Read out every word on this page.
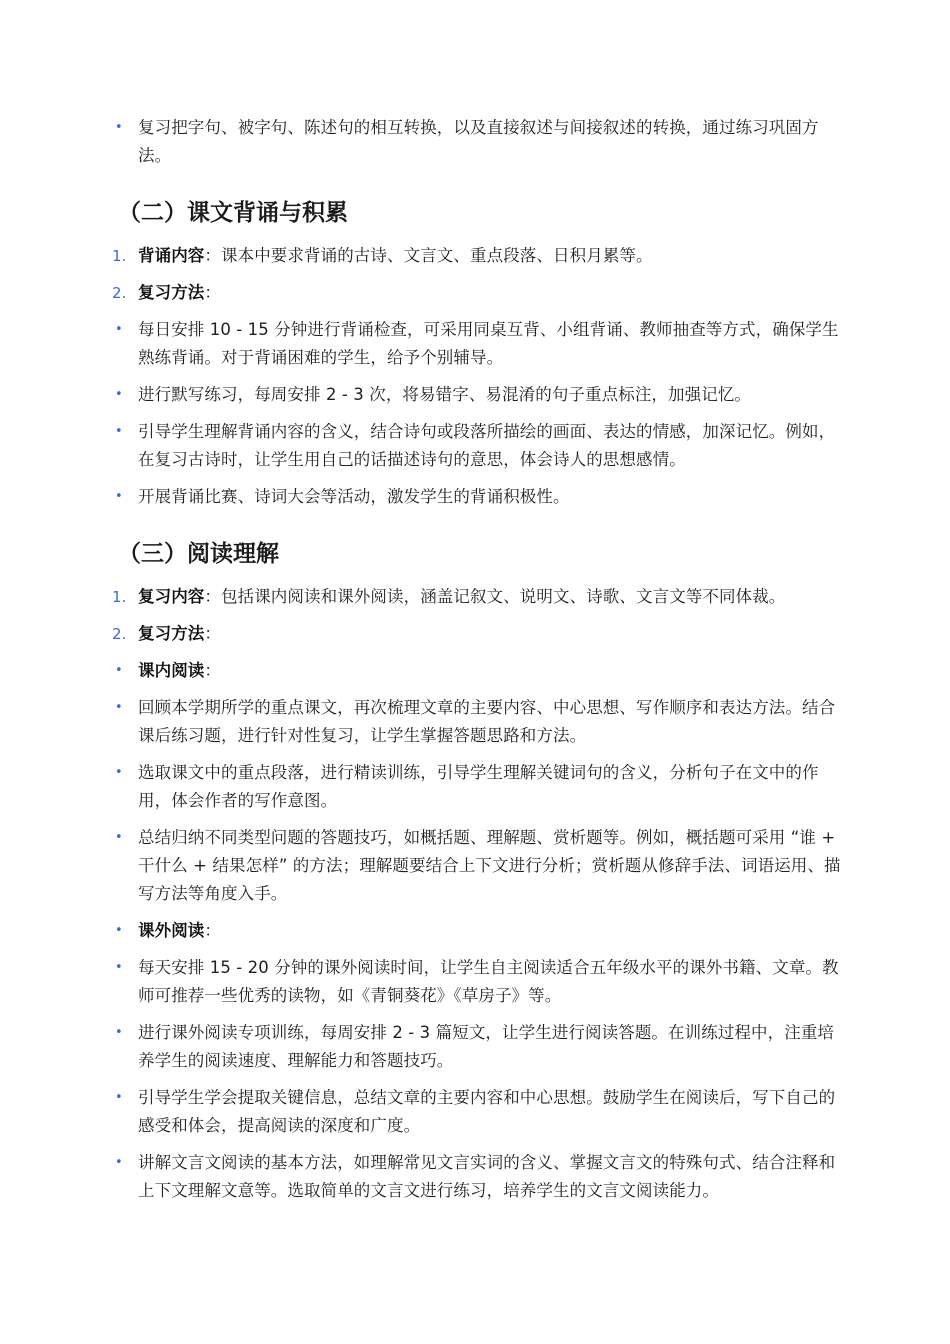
• 复习把字句、被字句、陈述句的相互转换，以及直接叙述与间接叙述的转换，通过练习巩固方法。
（二）课文背诵与积累
1. 背诵内容：课本中要求背诵的古诗、文言文、重点段落、日积月累等。
2. 复习方法：
• 每日安排 10 - 15 分钟进行背诵检查，可采用同桌互背、小组背诵、教师抽查等方式，确保学生熟练背诵。对于背诵困难的学生，给予个别辅导。
• 进行默写练习，每周安排 2 - 3 次，将易错字、易混淆的句子重点标注，加强记忆。
• 引导学生理解背诵内容的含义，结合诗句或段落所描绘的画面、表达的情感，加深记忆。例如，在复习古诗时，让学生用自己的话描述诗句的意思，体会诗人的思想感情。
• 开展背诵比赛、诗词大会等活动，激发学生的背诵积极性。
（三）阅读理解
1. 复习内容：包括课内阅读和课外阅读，涵盖记叙文、说明文、诗歌、文言文等不同体裁。
2. 复习方法：
• 课内阅读：
• 回顾本学期所学的重点课文，再次梳理文章的主要内容、中心思想、写作顺序和表达方法。结合课后练习题，进行针对性复习，让学生掌握答题思路和方法。
• 选取课文中的重点段落，进行精读训练，引导学生理解关键词句的含义，分析句子在文中的作用，体会作者的写作意图。
• 总结归纳不同类型问题的答题技巧，如概括题、理解题、赏析题等。例如，概括题可采用 “谁 + 干什么 + 结果怎样” 的方法；理解题要结合上下文进行分析；赏析题从修辞手法、词语运用、描写方法等角度入手。
• 课外阅读：
• 每天安排 15 - 20 分钟的课外阅读时间，让学生自主阅读适合五年级水平的课外书籍、文章。教师可推荐一些优秀的读物，如《青铜葵花》《草房子》等。
• 进行课外阅读专项训练，每周安排 2 - 3 篇短文，让学生进行阅读答题。在训练过程中，注重培养学生的阅读速度、理解能力和答题技巧。
• 引导学生学会提取关键信息，总结文章的主要内容和中心思想。鼓励学生在阅读后，写下自己的感受和体会，提高阅读的深度和广度。
• 讲解文言文阅读的基本方法，如理解常见文言实词的含义、掌握文言文的特殊句式、结合注释和上下文理解文意等。选取简单的文言文进行练习，培养学生的文言文阅读能力。
